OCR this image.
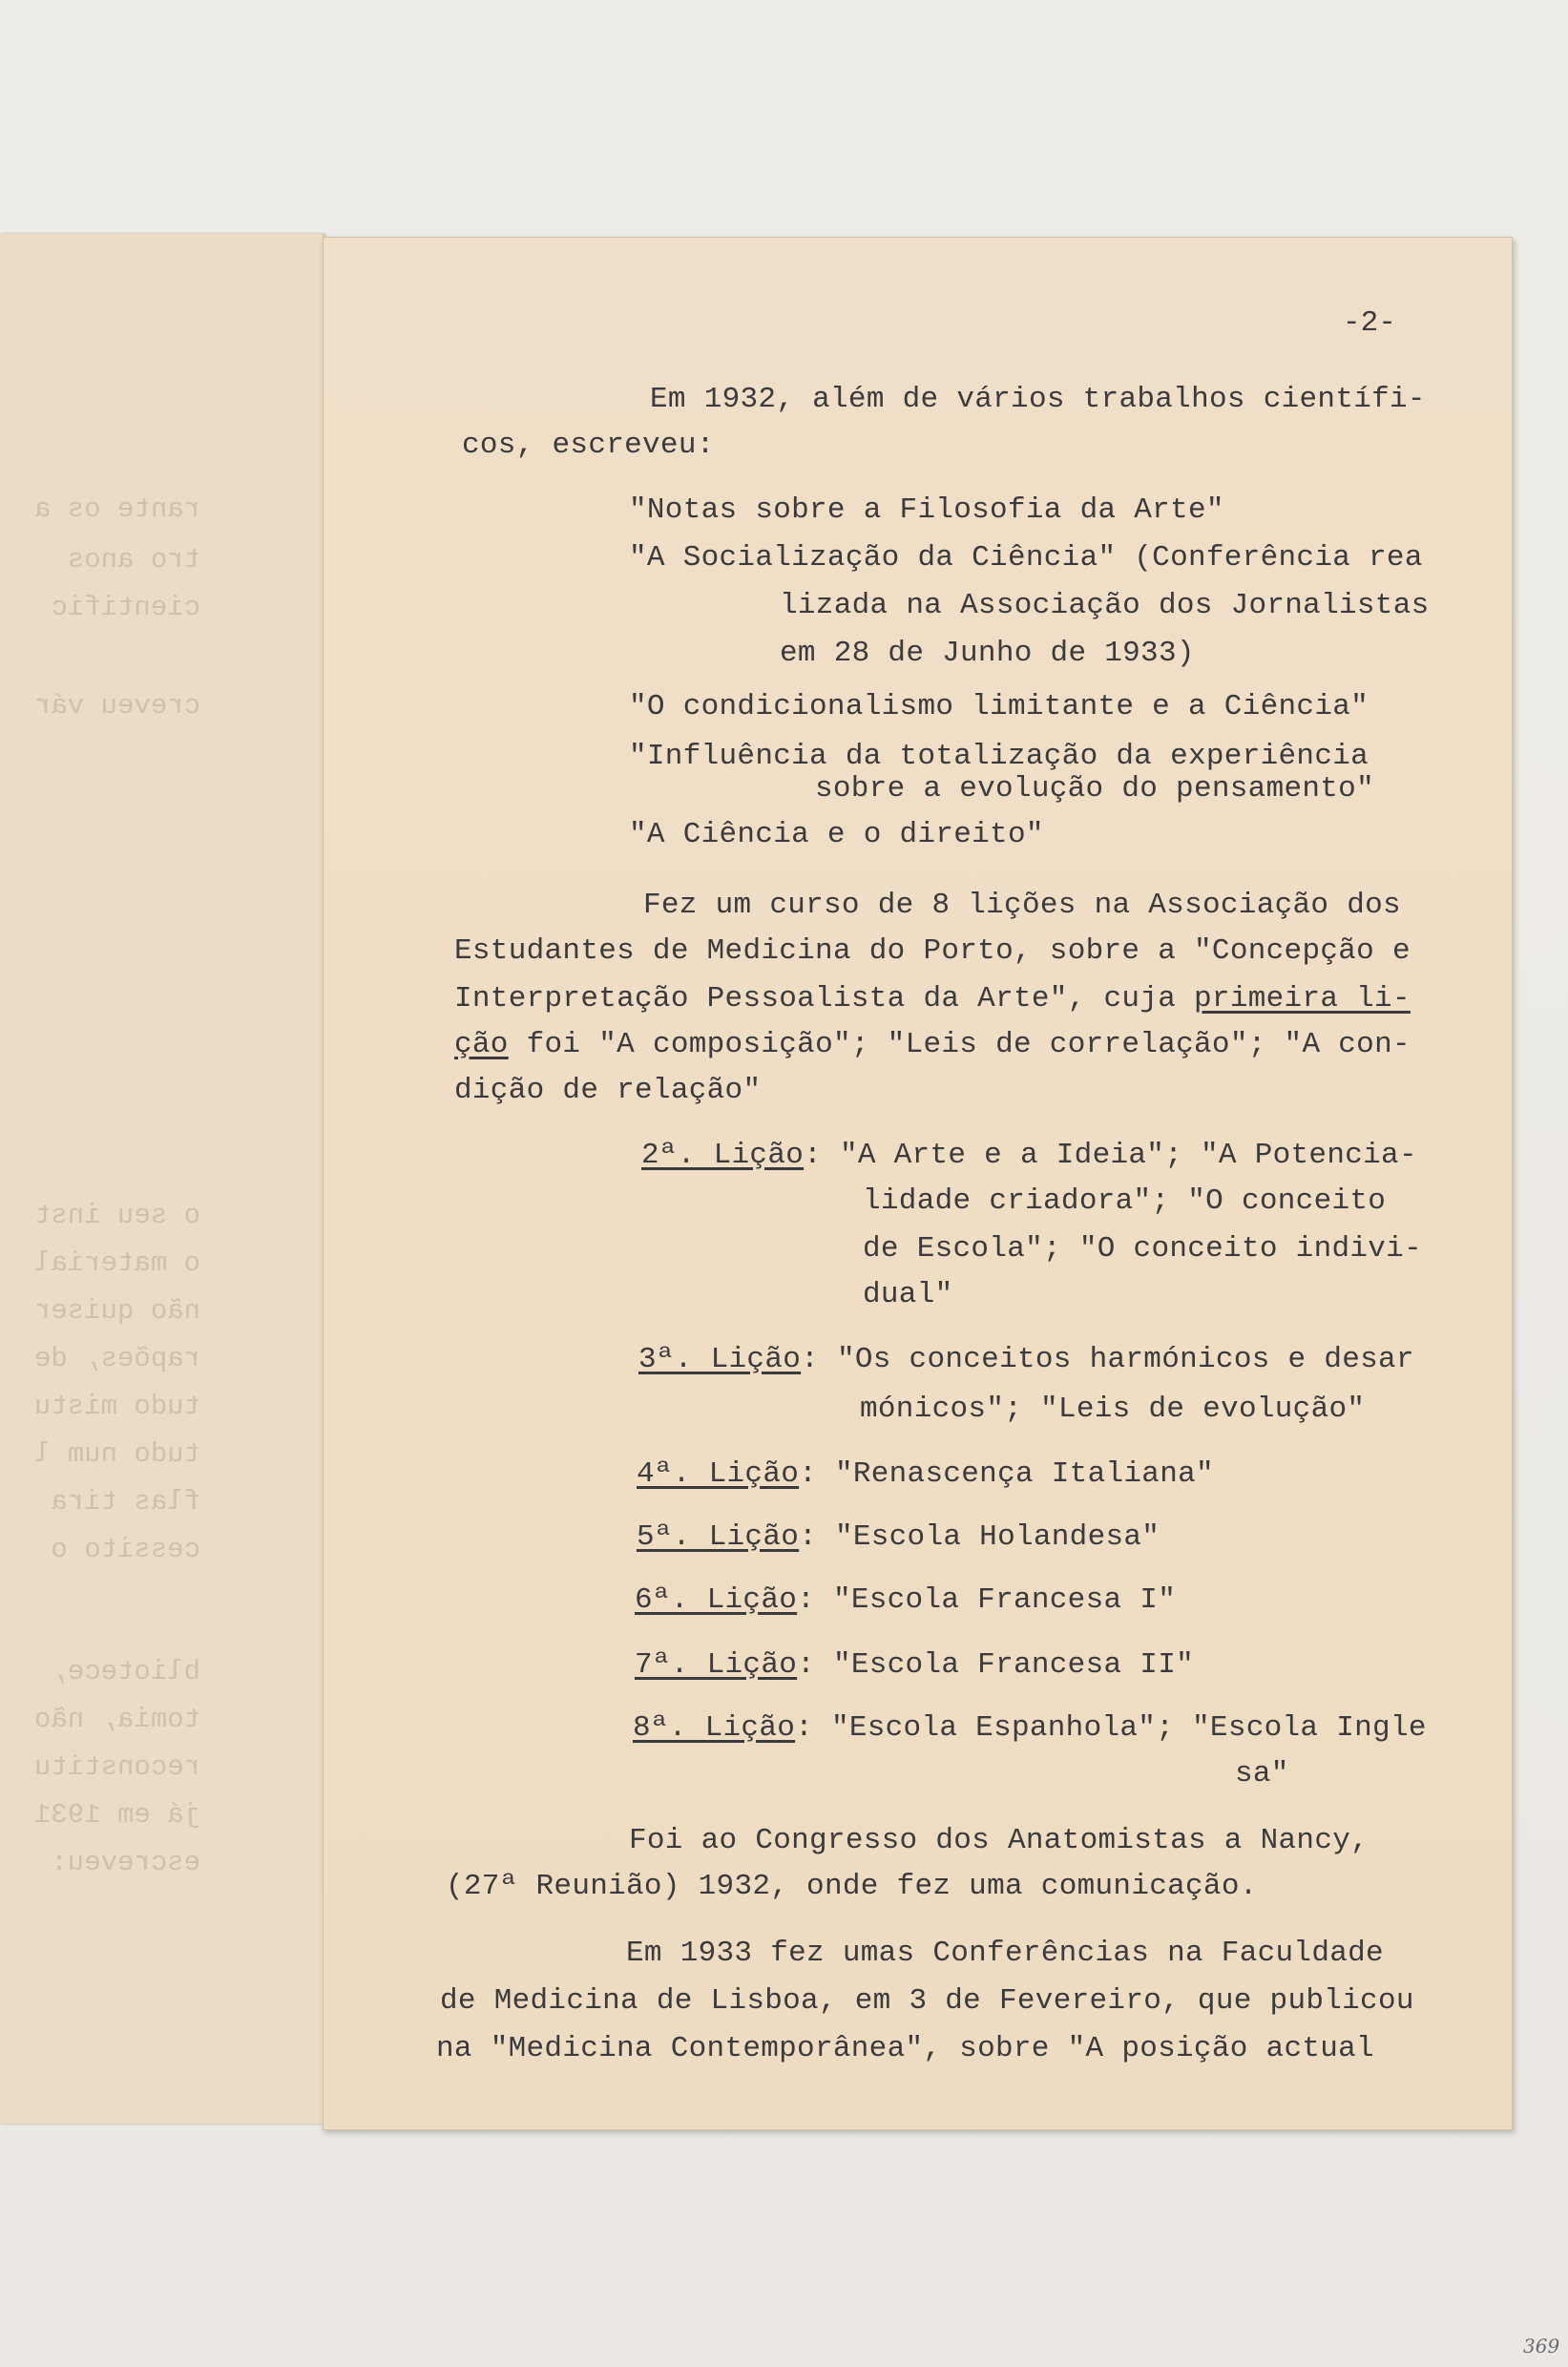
rante os a
tro anos
cientific
creveu vár
o seu inst
o material
não quiser
rapões, de
tudo mistu
tudo num l
flas tira
cessito o
bliotece,
tomia, não
reconstitu
já em 1931
escreveu:
-2-
Em 1932, além de vários trabalhos científi-
cos, escreveu:
"Notas sobre a Filosofia da Arte"
"A Socialização da Ciência" (Conferência rea
lizada na Associação dos Jornalistas
em 28 de Junho de 1933)
"O condicionalismo limitante e a Ciência"
"Influência da totalização da experiência
sobre a evolução do pensamento"
"A Ciência e o direito"
Fez um curso de 8 lições na Associação dos
Estudantes de Medicina do Porto, sobre a "Concepção e
Interpretação Pessoalista da Arte", cuja primeira li-
ção foi "A composição"; "Leis de correlação"; "A con-
dição de relação"
2ª. Lição: "A Arte e a Ideia"; "A Potencia-
lidade criadora"; "O conceito
de Escola"; "O conceito indivi-
dual"
3ª. Lição: "Os conceitos harmónicos e desar
mónicos"; "Leis de evolução"
4ª. Lição: "Renascença Italiana"
5ª. Lição: "Escola Holandesa"
6ª. Lição: "Escola Francesa I"
7ª. Lição: "Escola Francesa II"
8ª. Lição: "Escola Espanhola"; "Escola Ingle
sa"
Foi ao Congresso dos Anatomistas a Nancy,
(27ª Reunião) 1932, onde fez uma comunicação.
Em 1933 fez umas Conferências na Faculdade
de Medicina de Lisboa, em 3 de Fevereiro, que publicou
na "Medicina Contemporânea", sobre "A posição actual
369
